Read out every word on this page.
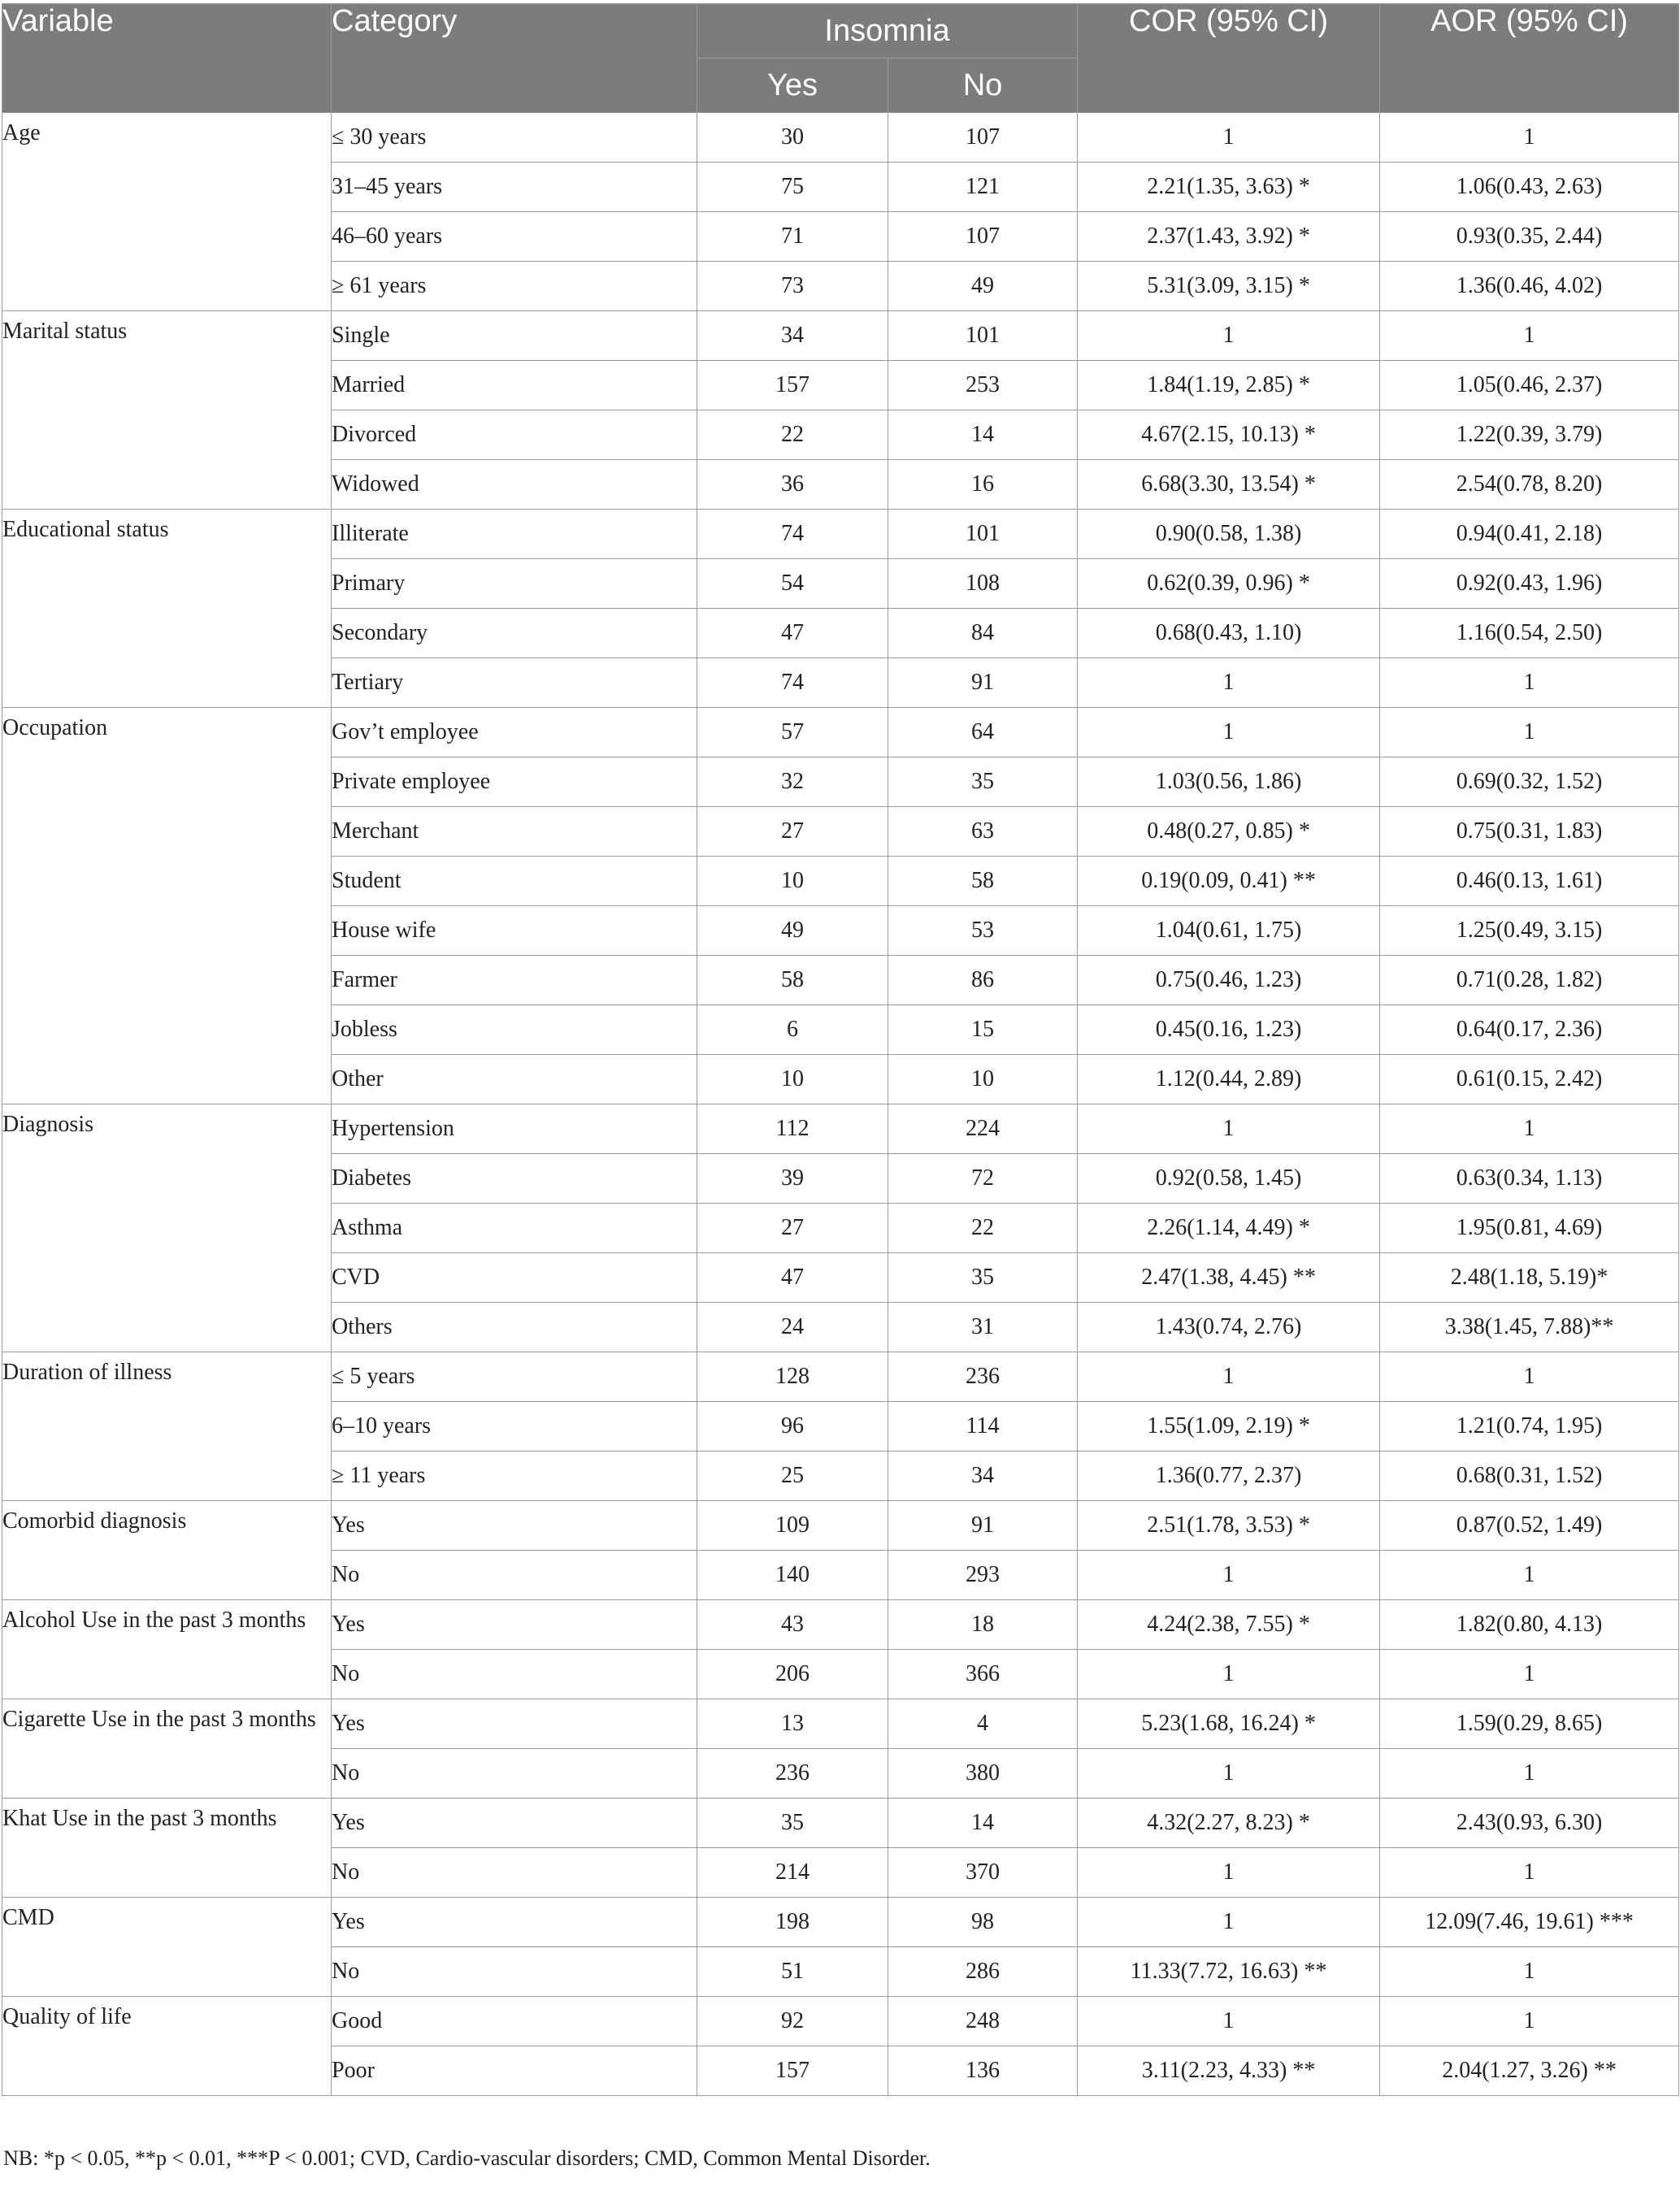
Variable	Category	Insomnia		COR (95% CI)	AOR (95% CI)
		Yes	No		
Age	≤ 30 years	30	107	1	1
	31–45 years	75	121	2.21(1.35, 3.63) *	1.06(0.43, 2.63)
	46–60 years	71	107	2.37(1.43, 3.92) *	0.93(0.35, 2.44)
	≥ 61 years	73	49	5.31(3.09, 3.15) *	1.36(0.46, 4.02)
Marital status	Single	34	101	1	1
	Married	157	253	1.84(1.19, 2.85) *	1.05(0.46, 2.37)
	Divorced	22	14	4.67(2.15, 10.13) *	1.22(0.39, 3.79)
	Widowed	36	16	6.68(3.30, 13.54) *	2.54(0.78, 8.20)
Educational status	Illiterate	74	101	0.90(0.58, 1.38)	0.94(0.41, 2.18)
	Primary	54	108	0.62(0.39, 0.96) *	0.92(0.43, 1.96)
	Secondary	47	84	0.68(0.43, 1.10)	1.16(0.54, 2.50)
	Tertiary	74	91	1	1
Occupation	Gov’t employee	57	64	1	1
	Private employee	32	35	1.03(0.56, 1.86)	0.69(0.32, 1.52)
	Merchant	27	63	0.48(0.27, 0.85) *	0.75(0.31, 1.83)
	Student	10	58	0.19(0.09, 0.41) **	0.46(0.13, 1.61)
	House wife	49	53	1.04(0.61, 1.75)	1.25(0.49, 3.15)
	Farmer	58	86	0.75(0.46, 1.23)	0.71(0.28, 1.82)
	Jobless	6	15	0.45(0.16, 1.23)	0.64(0.17, 2.36)
	Other	10	10	1.12(0.44, 2.89)	0.61(0.15, 2.42)
Diagnosis	Hypertension	112	224	1	1
	Diabetes	39	72	0.92(0.58, 1.45)	0.63(0.34, 1.13)
	Asthma	27	22	2.26(1.14, 4.49) *	1.95(0.81, 4.69)
	CVD	47	35	2.47(1.38, 4.45) **	2.48(1.18, 5.19)*
	Others	24	31	1.43(0.74, 2.76)	3.38(1.45, 7.88)**
Duration of illness	≤ 5 years	128	236	1	1
	6–10 years	96	114	1.55(1.09, 2.19) *	1.21(0.74, 1.95)
	≥ 11 years	25	34	1.36(0.77, 2.37)	0.68(0.31, 1.52)
Comorbid diagnosis	Yes	109	91	2.51(1.78, 3.53) *	0.87(0.52, 1.49)
	No	140	293	1	1
Alcohol Use in the past 3 months	Yes	43	18	4.24(2.38, 7.55) *	1.82(0.80, 4.13)
	No	206	366	1	1
Cigarette Use in the past 3 months	Yes	13	4	5.23(1.68, 16.24) *	1.59(0.29, 8.65)
	No	236	380	1	1
Khat Use in the past 3 months	Yes	35	14	4.32(2.27, 8.23) *	2.43(0.93, 6.30)
	No	214	370	1	1
CMD	Yes	198	98	1	12.09(7.46, 19.61) ***
	No	51	286	11.33(7.72, 16.63) **	1
Quality of life	Good	92	248	1	1
	Poor	157	136	3.11(2.23, 4.33) **	2.04(1.27, 3.26) **
NB: *p < 0.05, **p < 0.01, ***P < 0.001; CVD, Cardio-vascular disorders; CMD, Common Mental Disorder.
